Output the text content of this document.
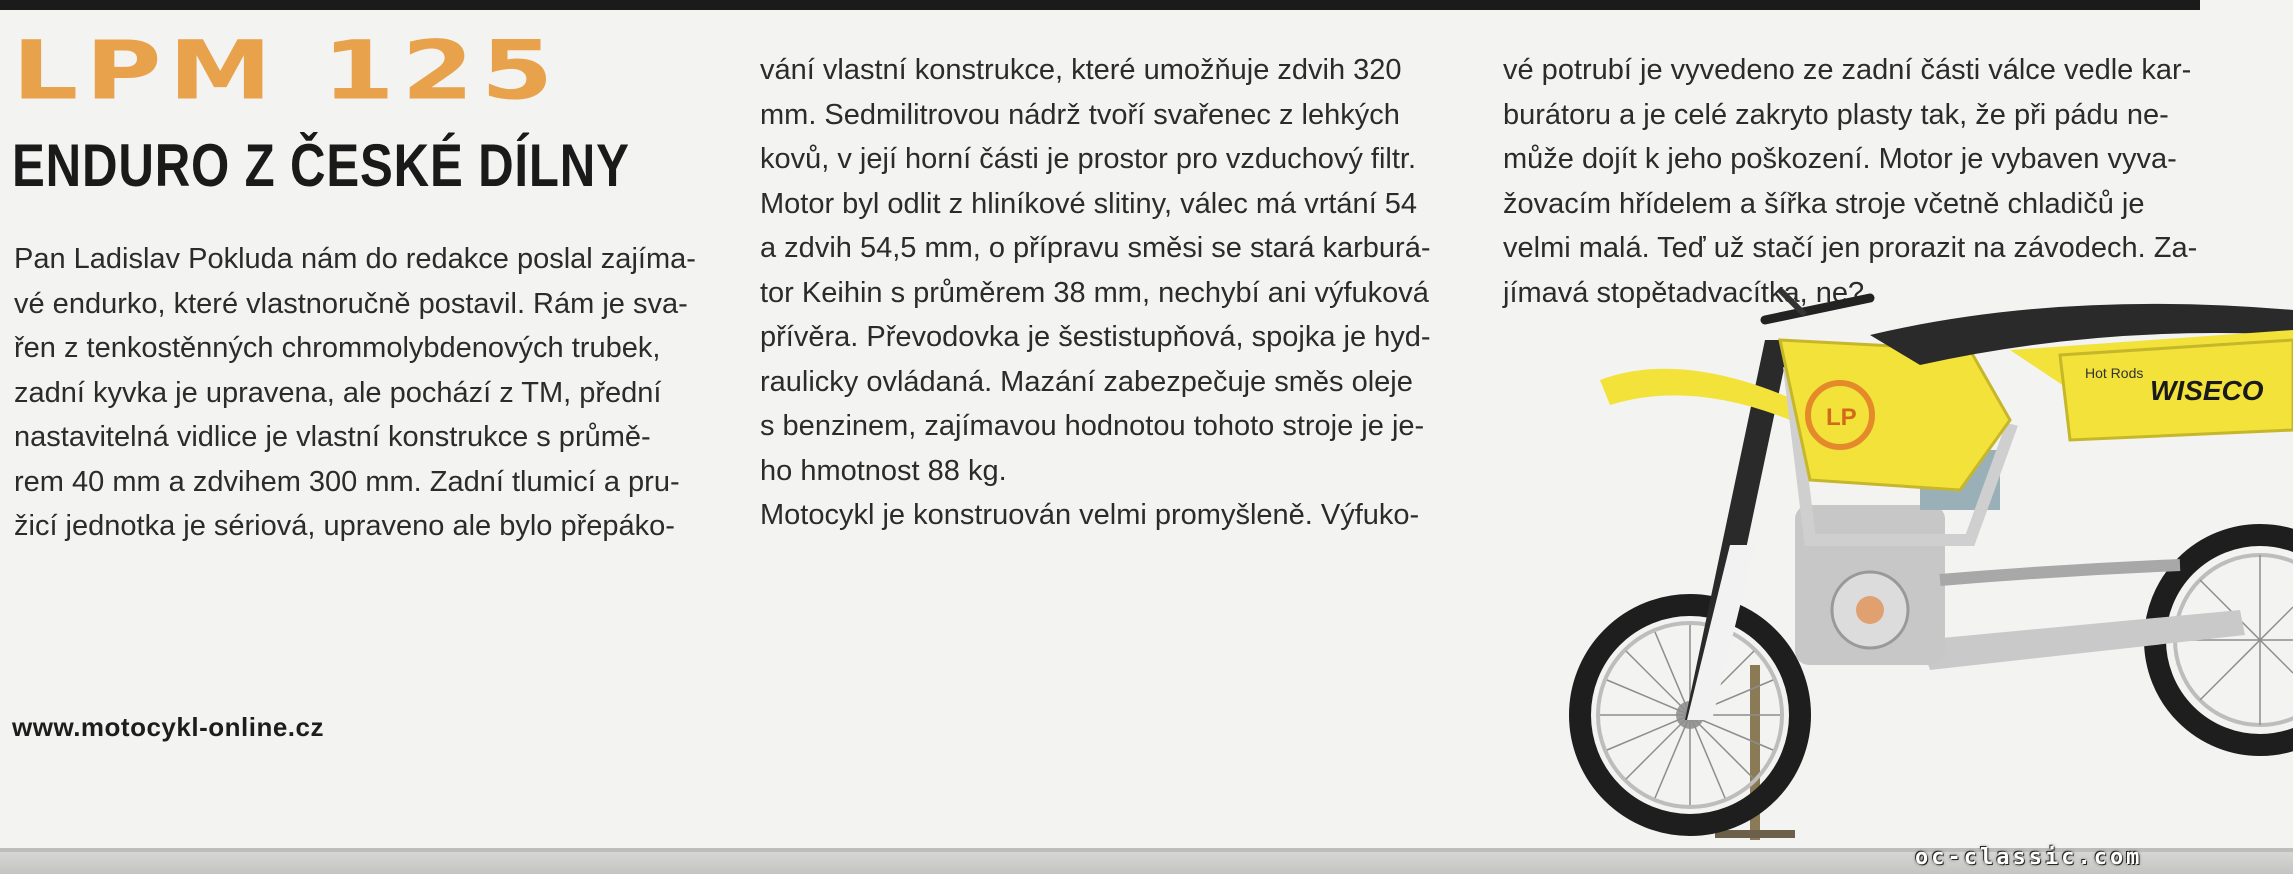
LPM 125
ENDURO Z ČESKÉ DÍLNY
Pan Ladislav Pokluda nám do redakce poslal zajíma-
vé endurko, které vlastnoručně postavil. Rám je sva-
řen z tenkostěnných chrommolybdenových trubek,
zadní kyvka je upravena, ale pochází z TM, přední
nastavitelná vidlice je vlastní konstrukce s průmě-
rem 40 mm a zdvihem 300 mm. Zadní tlumicí a pru-
žicí jednotka je sériová, upraveno ale bylo přepáko-
vání vlastní konstrukce, které umožňuje zdvih 320
mm. Sedmilitrovou nádrž tvoří svařenec z lehkých
kovů, v její horní části je prostor pro vzduchový filtr.
Motor byl odlit z hliníkové slitiny, válec má vrtání 54
a zdvih 54,5 mm, o přípravu směsi se stará karburá-
tor Keihin s průměrem 38 mm, nechybí ani výfuková
přívěra. Převodovka je šestistupňová, spojka je hyd-
raulicky ovládaná. Mazání zabezpečuje směs oleje
s benzinem, zajímavou hodnotou tohoto stroje je je-
ho hmotnost 88 kg.
Motocykl je konstruován velmi promyšleně. Výfuko-
vé potrubí je vyvedeno ze zadní části válce vedle kar-
burátoru a je celé zakryto plasty tak, že při pádu ne-
může dojít k jeho poškození. Motor je vybaven vyva-
žovacím hřídelem a šířka stroje včetně chladičů je
velmi malá. Teď už stačí jen prorazit na závodech. Za-
jímavá stopětadvacítka, ne?
www.motocykl-online.cz
LP
WISECO
Hot Rods
oc-classic.com
